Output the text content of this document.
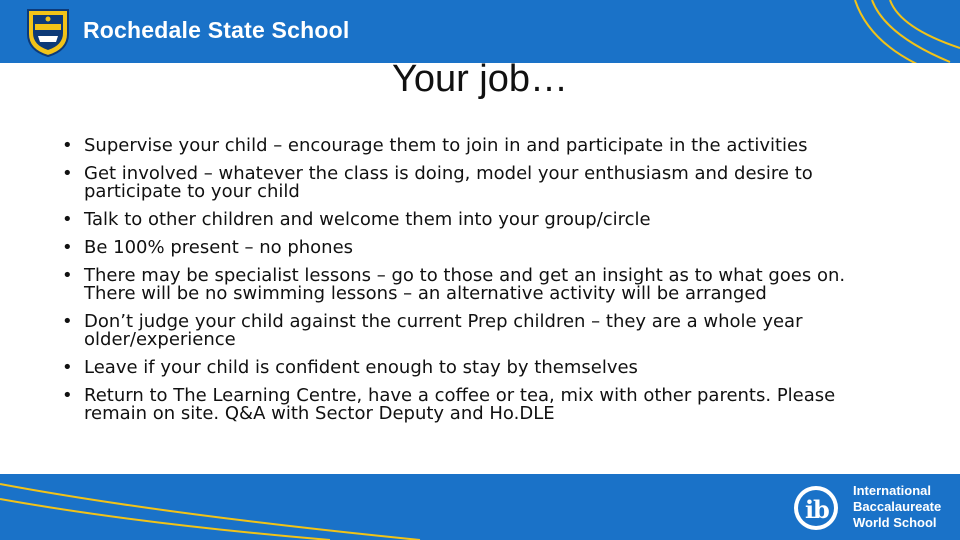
Rochedale State School
Your job…
• Supervise your child – encourage them to join in and participate in the activities
• Get involved – whatever the class is doing, model your enthusiasm and desire to participate to your child
• Talk to other children and welcome them into your group/circle
• Be 100% present – no phones
• There may be specialist lessons – go to those and get an insight as to what goes on. There will be no swimming lessons – an alternative activity will be arranged
• Don’t judge your child against the current Prep children – they are a whole year older/experience
• Leave if your child is confident enough to stay by themselves
• Return to The Learning Centre, have a coffee or tea, mix with other parents. Please remain on site. Q&A with Sector Deputy and Ho.DLE
i
b
International
Baccalaureate
World School
